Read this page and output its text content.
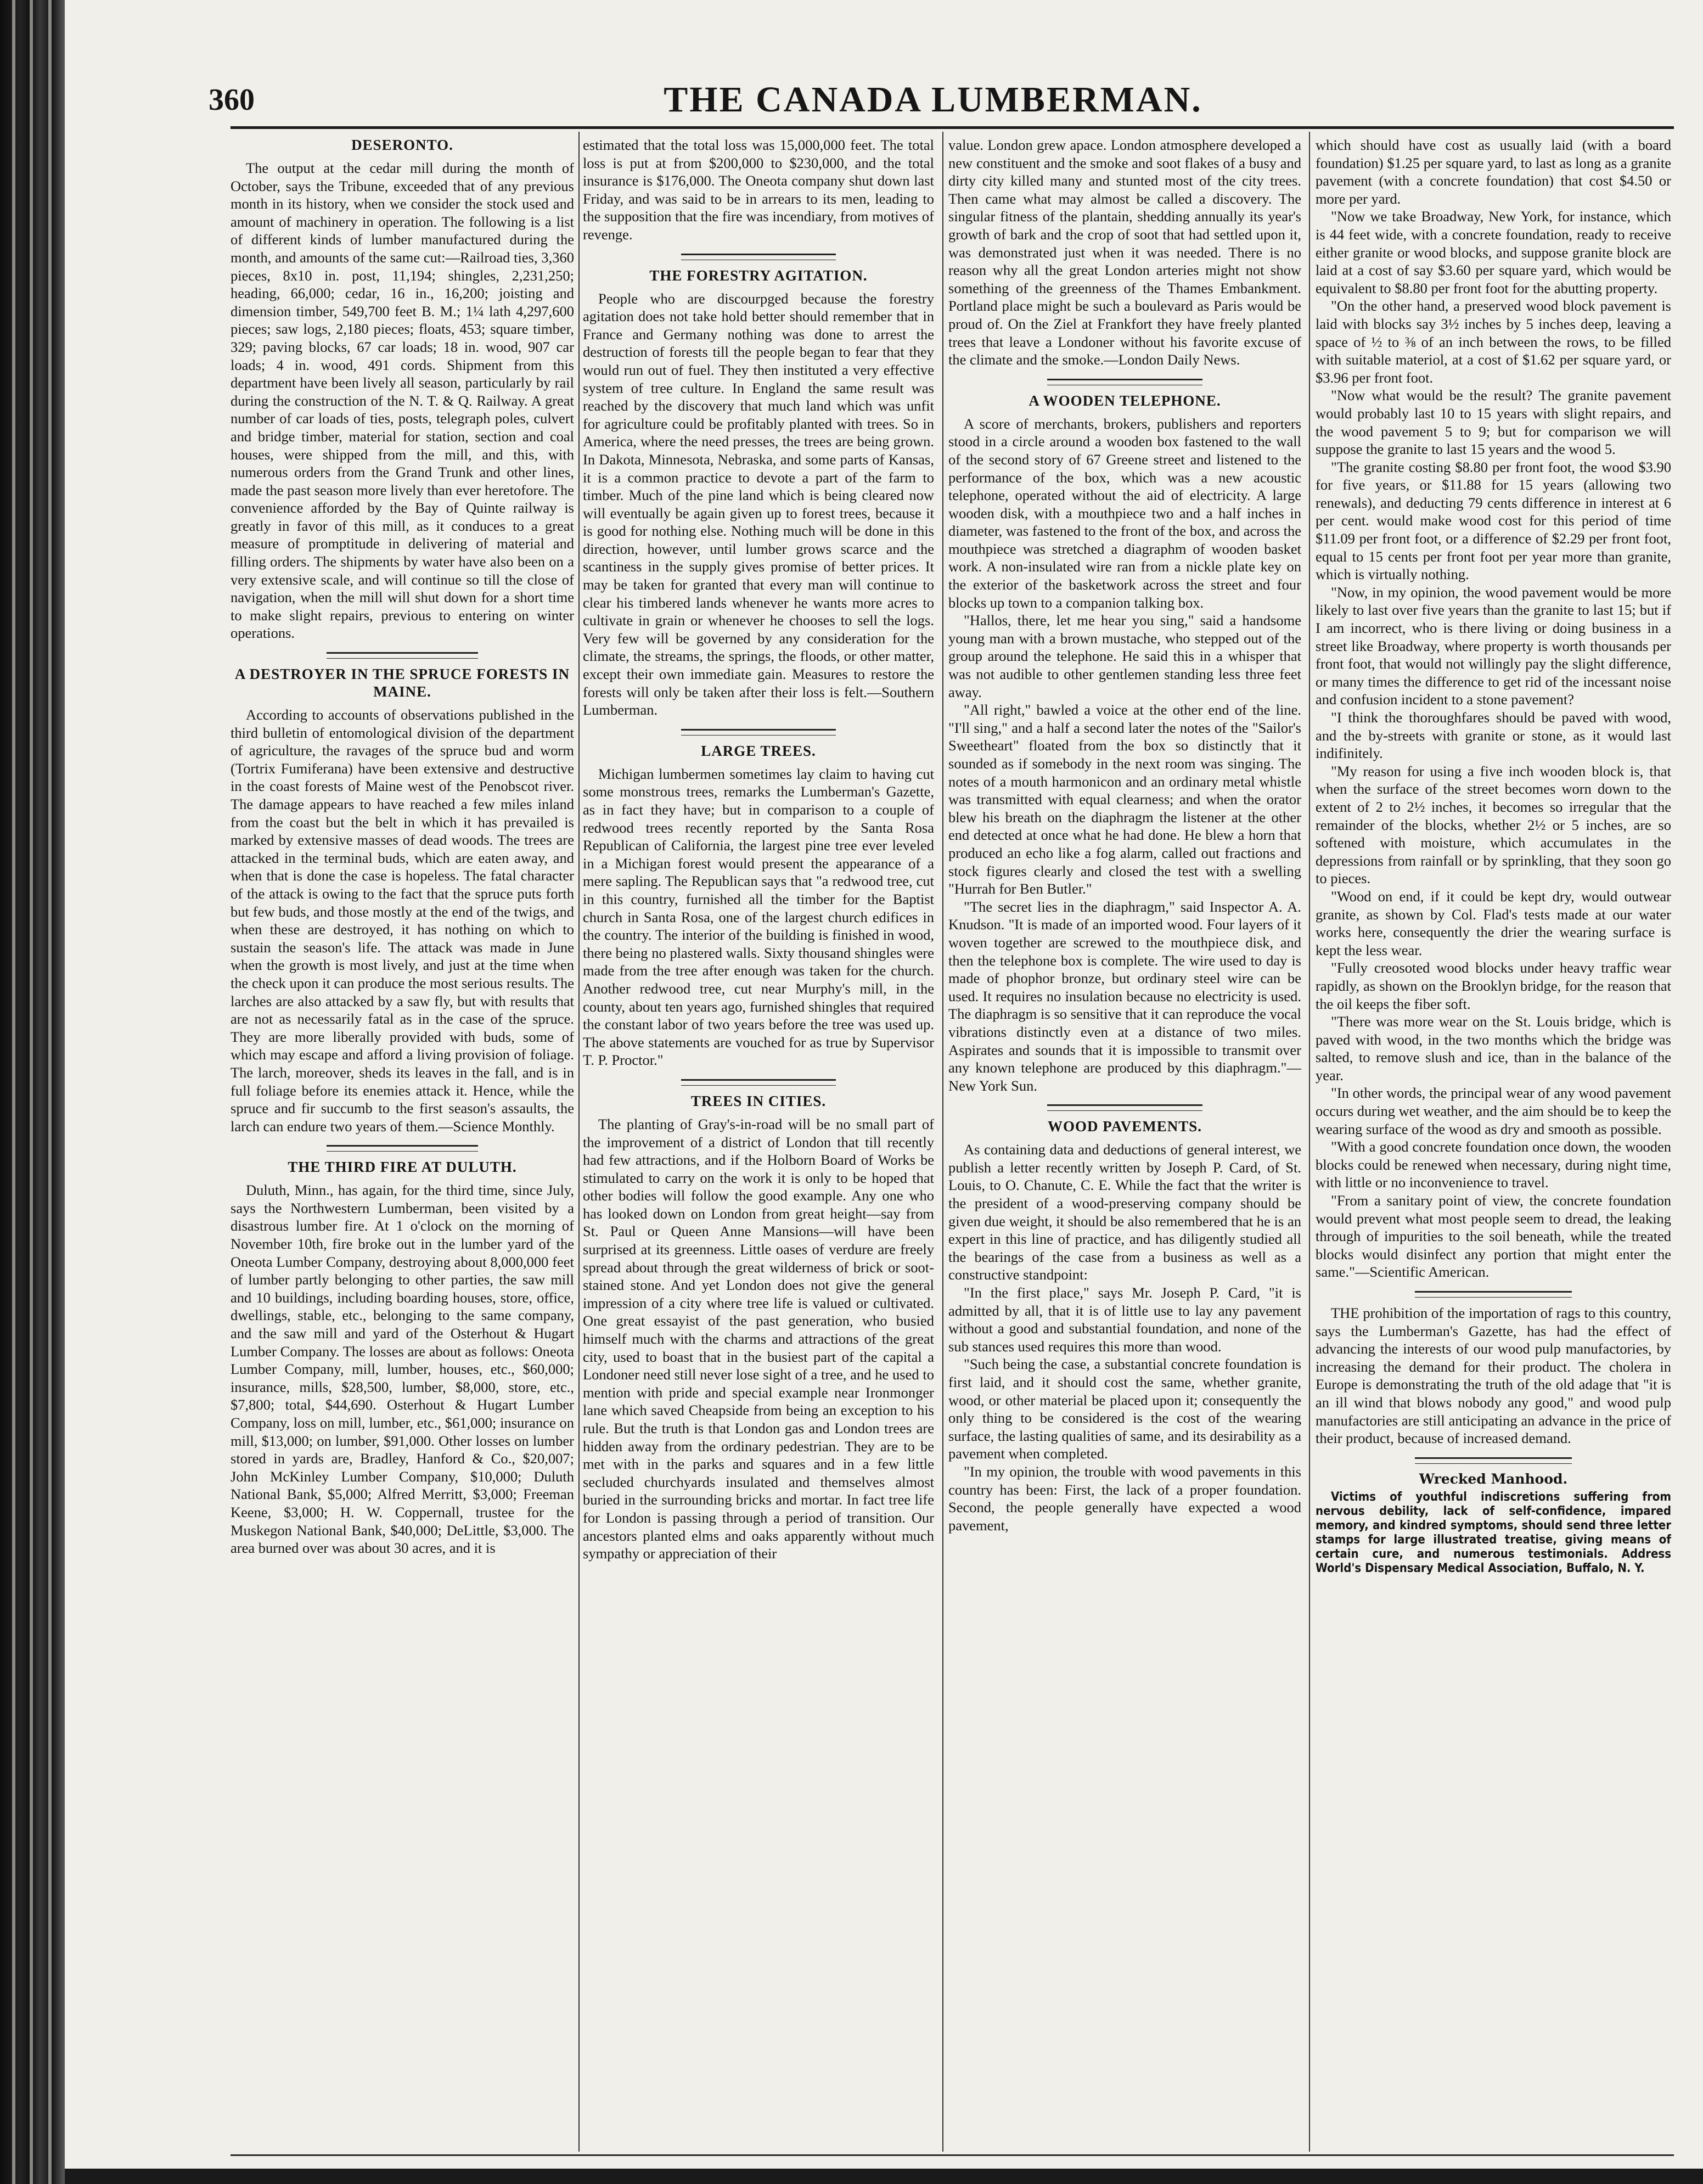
360	THE CANADA LUMBERMAN.
DESERONTO.

The output at the cedar mill during the month of October, says the Tribune, exceeded that of any previous month in its history, when we consider the stock used and amount of machinery in operation. The following is a list of different kinds of lumber manufactured during the month, and amounts of the same cut:—Railroad ties, 3,360 pieces, 8x10 in. post, 11,194; shingles, 2,231,250; heading, 66,000; cedar, 16 in., 16,200; joisting and dimension timber, 549,700 feet B. M.; 1¼ lath 4,297,600 pieces; saw logs, 2,180 pieces; floats, 453; square timber, 329; paving blocks, 67 car loads; 18 in. wood, 907 car loads; 4 in. wood, 491 cords. Shipment from this department have been lively all season, particularly by rail during the construction of the N. T. & Q. Railway. A great number of car loads of ties, posts, telegraph poles, culvert and bridge timber, material for station, section and coal houses, were shipped from the mill, and this, with numerous orders from the Grand Trunk and other lines, made the past season more lively than ever heretofore. The convenience afforded by the Bay of Quinte railway is greatly in favor of this mill, as it conduces to a great measure of promptitude in delivering of material and filling orders. The shipments by water have also been on a very extensive scale, and will continue so till the close of navigation, when the mill will shut down for a short time to make slight repairs, previous to entering on winter operations.

A DESTROYER IN THE SPRUCE FORESTS IN MAINE.

According to accounts of observations published in the third bulletin of entomological division of the department of agriculture, the ravages of the spruce bud and worm (Tortrix Fumiferana) have been extensive and destructive in the coast forests of Maine west of the Penobscot river. The damage appears to have reached a few miles inland from the coast but the belt in which it has prevailed is marked by extensive masses of dead woods. The trees are attacked in the terminal buds, which are eaten away, and when that is done the case is hopeless. The fatal character of the attack is owing to the fact that the spruce puts forth but few buds, and those mostly at the end of the twigs, and when these are destroyed, it has nothing on which to sustain the season's life. The attack was made in June when the growth is most lively, and just at the time when the check upon it can produce the most serious results. The larches are also attacked by a saw fly, but with results that are not as necessarily fatal as in the case of the spruce. They are more liberally provided with buds, some of which may escape and afford a living provision of foliage. The larch, moreover, sheds its leaves in the fall, and is in full foliage before its enemies attack it. Hence, while the spruce and fir succumb to the first season's assaults, the larch can endure two years of them.—Science Monthly.

THE THIRD FIRE AT DULUTH.

Duluth, Minn., has again, for the third time, since July, says the Northwestern Lumberman, been visited by a disastrous lumber fire. At 1 o'clock on the morning of November 10th, fire broke out in the lumber yard of the Oneota Lumber Company, destroying about 8,000,000 feet of lumber partly belonging to other parties, the saw mill and 10 buildings, including boarding houses, store, office, dwellings, stable, etc., belonging to the same company, and the saw mill and yard of the Osterhout & Hugart Lumber Company. The losses are about as follows: Oneota Lumber Company, mill, lumber, houses, etc., $60,000; insurance, mills, $28,500, lumber, $8,000, store, etc., $7,800; total, $44,690. Osterhout & Hugart Lumber Company, loss on mill, lumber, etc., $61,000; insurance on mill, $13,000; on lumber, $91,000. Other losses on lumber stored in yards are, Bradley, Hanford & Co., $20,007; John McKinley Lumber Company, $10,000; Duluth National Bank, $5,000; Alfred Merritt, $3,000; Freeman Keene, $3,000; H. W. Coppernall, trustee for the Muskegon National Bank, $40,000; DeLittle, $3,000. The area burned over was about 30 acres, and it is

estimated that the total loss was 15,000,000 feet. The total loss is put at from $200,000 to $230,000, and the total insurance is $176,000. The Oneota company shut down last Friday, and was said to be in arrears to its men, leading to the supposition that the fire was incendiary, from motives of revenge.

THE FORESTRY AGITATION.

People who are discourpged because the forestry agitation does not take hold better should remember that in France and Germany nothing was done to arrest the destruction of forests till the people began to fear that they would run out of fuel. They then instituted a very effective system of tree culture. In England the same result was reached by the discovery that much land which was unfit for agriculture could be profitably planted with trees. So in America, where the need presses, the trees are being grown. In Dakota, Minnesota, Nebraska, and some parts of Kansas, it is a common practice to devote a part of the farm to timber. Much of the pine land which is being cleared now will eventually be again given up to forest trees, because it is good for nothing else. Nothing much will be done in this direction, however, until lumber grows scarce and the scantiness in the supply gives promise of better prices. It may be taken for granted that every man will continue to clear his timbered lands whenever he wants more acres to cultivate in grain or whenever he chooses to sell the logs. Very few will be governed by any consideration for the climate, the streams, the springs, the floods, or other matter, except their own immediate gain. Measures to restore the forests will only be taken after their loss is felt.—Southern Lumberman.

LARGE TREES.

Michigan lumbermen sometimes lay claim to having cut some monstrous trees, remarks the Lumberman's Gazette, as in fact they have; but in comparison to a couple of redwood trees recently reported by the Santa Rosa Republican of California, the largest pine tree ever leveled in a Michigan forest would present the appearance of a mere sapling. The Republican says that "a redwood tree, cut in this country, furnished all the timber for the Baptist church in Santa Rosa, one of the largest church edifices in the country. The interior of the building is finished in wood, there being no plastered walls. Sixty thousand shingles were made from the tree after enough was taken for the church. Another redwood tree, cut near Murphy's mill, in the county, about ten years ago, furnished shingles that required the constant labor of two years before the tree was used up. The above statements are vouched for as true by Supervisor T. P. Proctor."

TREES IN CITIES.

The planting of Gray's-in-road will be no small part of the improvement of a district of London that till recently had few attractions, and if the Holborn Board of Works be stimulated to carry on the work it is only to be hoped that other bodies will follow the good example. Any one who has looked down on London from great height—say from St. Paul or Queen Anne Mansions—will have been surprised at its greenness. Little oases of verdure are freely spread about through the great wilderness of brick or soot-stained stone. And yet London does not give the general impression of a city where tree life is valued or cultivated. One great essayist of the past generation, who busied himself much with the charms and attractions of the great city, used to boast that in the busiest part of the capital a Londoner need still never lose sight of a tree, and he used to mention with pride and special example near Ironmonger lane which saved Cheapside from being an exception to his rule. But the truth is that London gas and London trees are hidden away from the ordinary pedestrian. They are to be met with in the parks and squares and in a few little secluded churchyards insulated and themselves almost buried in the surrounding bricks and mortar. In fact tree life for London is passing through a period of transition. Our ancestors planted elms and oaks apparently without much sympathy or appreciation of their

value. London grew apace. London atmosphere developed a new constituent and the smoke and soot flakes of a busy and dirty city killed many and stunted most of the city trees. Then came what may almost be called a discovery. The singular fitness of the plantain, shedding annually its year's growth of bark and the crop of soot that had settled upon it, was demonstrated just when it was needed. There is no reason why all the great London arteries might not show something of the greenness of the Thames Embankment. Portland place might be such a boulevard as Paris would be proud of. On the Ziel at Frankfort they have freely planted trees that leave a Londoner without his favorite excuse of the climate and the smoke.—London Daily News.

A WOODEN TELEPHONE.

A score of merchants, brokers, publishers and reporters stood in a circle around a wooden box fastened to the wall of the second story of 67 Greene street and listened to the performance of the box, which was a new acoustic telephone, operated without the aid of electricity. A large wooden disk, with a mouthpiece two and a half inches in diameter, was fastened to the front of the box, and across the mouthpiece was stretched a diagraphm of wooden basket work. A non-insulated wire ran from a nickle plate key on the exterior of the basketwork across the street and four blocks up town to a companion talking box.

"Hallos, there, let me hear you sing," said a handsome young man with a brown mustache, who stepped out of the group around the telephone. He said this in a whisper that was not audible to other gentlemen standing less three feet away.

"All right," bawled a voice at the other end of the line. "I'll sing," and a half a second later the notes of the "Sailor's Sweetheart" floated from the box so distinctly that it sounded as if somebody in the next room was singing. The notes of a mouth harmonicon and an ordinary metal whistle was transmitted with equal clearness; and when the orator blew his breath on the diaphragm the listener at the other end detected at once what he had done. He blew a horn that produced an echo like a fog alarm, called out fractions and stock figures clearly and closed the test with a swelling "Hurrah for Ben Butler."

"The secret lies in the diaphragm," said Inspector A. A. Knudson. "It is made of an imported wood. Four layers of it woven together are screwed to the mouthpiece disk, and then the telephone box is complete. The wire used to day is made of phophor bronze, but ordinary steel wire can be used. It requires no insulation because no electricity is used. The diaphragm is so sensitive that it can reproduce the vocal vibrations distinctly even at a distance of two miles. Aspirates and sounds that it is impossible to transmit over any known telephone are produced by this diaphragm."—New York Sun.

WOOD PAVEMENTS.

As containing data and deductions of general interest, we publish a letter recently written by Joseph P. Card, of St. Louis, to O. Chanute, C. E. While the fact that the writer is the president of a wood-preserving company should be given due weight, it should be also remembered that he is an expert in this line of practice, and has diligently studied all the bearings of the case from a business as well as a constructive standpoint:

"In the first place," says Mr. Joseph P. Card, "it is admitted by all, that it is of little use to lay any pavement without a good and substantial foundation, and none of the sub stances used requires this more than wood.

"Such being the case, a substantial concrete foundation is first laid, and it should cost the same, whether granite, wood, or other material be placed upon it; consequently the only thing to be considered is the cost of the wearing surface, the lasting qualities of same, and its desirability as a pavement when completed.

"In my opinion, the trouble with wood pavements in this country has been: First, the lack of a proper foundation. Second, the people generally have expected a wood pavement,

which should have cost as usually laid (with a board foundation) $1.25 per square yard, to last as long as a granite pavement (with a concrete foundation) that cost $4.50 or more per yard.

"Now we take Broadway, New York, for instance, which is 44 feet wide, with a concrete foundation, ready to receive either granite or wood blocks, and suppose granite block are laid at a cost of say $3.60 per square yard, which would be equivalent to $8.80 per front foot for the abutting property.

"On the other hand, a preserved wood block pavement is laid with blocks say 3½ inches by 5 inches deep, leaving a space of ½ to ⅜ of an inch between the rows, to be filled with suitable materiol, at a cost of $1.62 per square yard, or $3.96 per front foot.

"Now what would be the result? The granite pavement would probably last 10 to 15 years with slight repairs, and the wood pavement 5 to 9; but for comparison we will suppose the granite to last 15 years and the wood 5.

"The granite costing $8.80 per front foot, the wood $3.90 for five years, or $11.88 for 15 years (allowing two renewals), and deducting 79 cents difference in interest at 6 per cent. would make wood cost for this period of time $11.09 per front foot, or a difference of $2.29 per front foot, equal to 15 cents per front foot per year more than granite, which is virtually nothing.

"Now, in my opinion, the wood pavement would be more likely to last over five years than the granite to last 15; but if I am incorrect, who is there living or doing business in a street like Broadway, where property is worth thousands per front foot, that would not willingly pay the slight difference, or many times the difference to get rid of the incessant noise and confusion incident to a stone pavement?

"I think the thoroughfares should be paved with wood, and the by-streets with granite or stone, as it would last indifinitely.

"My reason for using a five inch wooden block is, that when the surface of the street becomes worn down to the extent of 2 to 2½ inches, it becomes so irregular that the remainder of the blocks, whether 2½ or 5 inches, are so softened with moisture, which accumulates in the depressions from rainfall or by sprinkling, that they soon go to pieces.

"Wood on end, if it could be kept dry, would outwear granite, as shown by Col. Flad's tests made at our water works here, consequently the drier the wearing surface is kept the less wear.

"Fully creosoted wood blocks under heavy traffic wear rapidly, as shown on the Brooklyn bridge, for the reason that the oil keeps the fiber soft.

"There was more wear on the St. Louis bridge, which is paved with wood, in the two months which the bridge was salted, to remove slush and ice, than in the balance of the year.

"In other words, the principal wear of any wood pavement occurs during wet weather, and the aim should be to keep the wearing surface of the wood as dry and smooth as possible.

"With a good concrete foundation once down, the wooden blocks could be renewed when necessary, during night time, with little or no inconvenience to travel.

"From a sanitary point of view, the concrete foundation would prevent what most people seem to dread, the leaking through of impurities to the soil beneath, while the treated blocks would disinfect any portion that might enter the same."—Scientific American.

THE prohibition of the importation of rags to this country, says the Lumberman's Gazette, has had the effect of advancing the interests of our wood pulp manufactories, by increasing the demand for their product. The cholera in Europe is demonstrating the truth of the old adage that "it is an ill wind that blows nobody any good," and wood pulp manufactories are still anticipating an advance in the price of their product, because of increased demand.

Wrecked Manhood.

Victims of youthful indiscretions suffering from nervous debility, lack of self-confidence, impared memory, and kindred symptoms, should send three letter stamps for large illustrated treatise, giving means of certain cure, and numerous testimonials. Address World's Dispensary Medical Association, Buffalo, N. Y.
